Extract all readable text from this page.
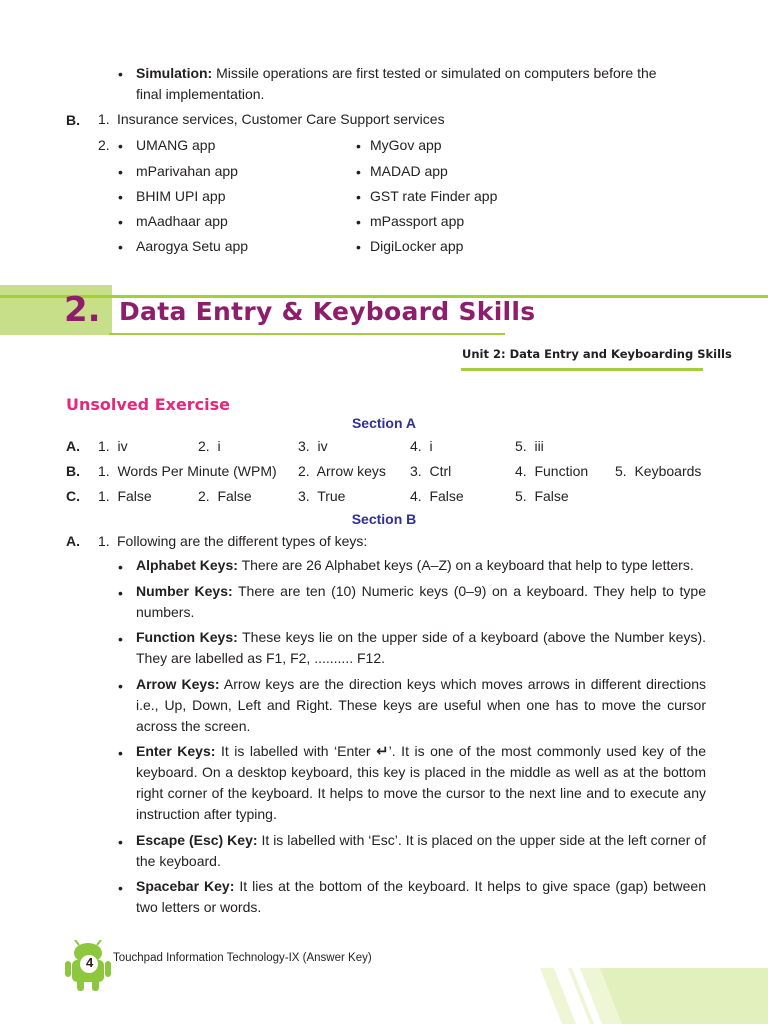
• Simulation: Missile operations are first tested or simulated on computers before the
final implementation.
B. 1. Insurance services, Customer Care Support services
2. • UMANG app
• mParivahan app
• BHIM UPI app
• mAadhaar app
• Aarogya Setu app
• MyGov app
• MADAD app
• GST rate Finder app
• mPassport app
• DigiLocker app
2. Data Entry & Keyboard Skills
Unit 2: Data Entry and Keyboarding Skills
Unsolved Exercise
Section A
A. 1.  iv	2.  i	3.  iv	4.  i	5.  iii
B. 1.  Words Per Minute (WPM) 2.  Arrow keys 3.  Ctrl	4.  Function 5.  Keyboards
C. 1.  False	2.  False	3.  True	4.  False	5.  False
Section B
A. 1. Following are the different types of keys:
• Alphabet Keys: There are 26 Alphabet keys (A–Z) on a keyboard that help to type letters.
• Number Keys: There are ten (10) Numeric keys (0–9) on a keyboard. They help to type numbers.
• Function Keys: These keys lie on the upper side of a keyboard (above the Number keys). They are labelled as F1, F2, .......... F12.
• Arrow Keys: Arrow keys are the direction keys which moves arrows in different directions i.e., Up, Down, Left and Right. These keys are useful when one has to move the cursor across the screen.
• Enter Keys: It is labelled with ‘Enter ↵’. It is one of the most commonly used key of the keyboard. On a desktop keyboard, this key is placed in the middle as well as at the bottom right corner of the keyboard. It helps to move the cursor to the next line and to execute any instruction after typing.
• Escape (Esc) Key: It is labelled with ‘Esc’. It is placed on the upper side at the left corner of the keyboard.
• Spacebar Key: It lies at the bottom of the keyboard. It helps to give space (gap) between two letters or words.
4 Touchpad Information Technology-IX (Answer Key)
